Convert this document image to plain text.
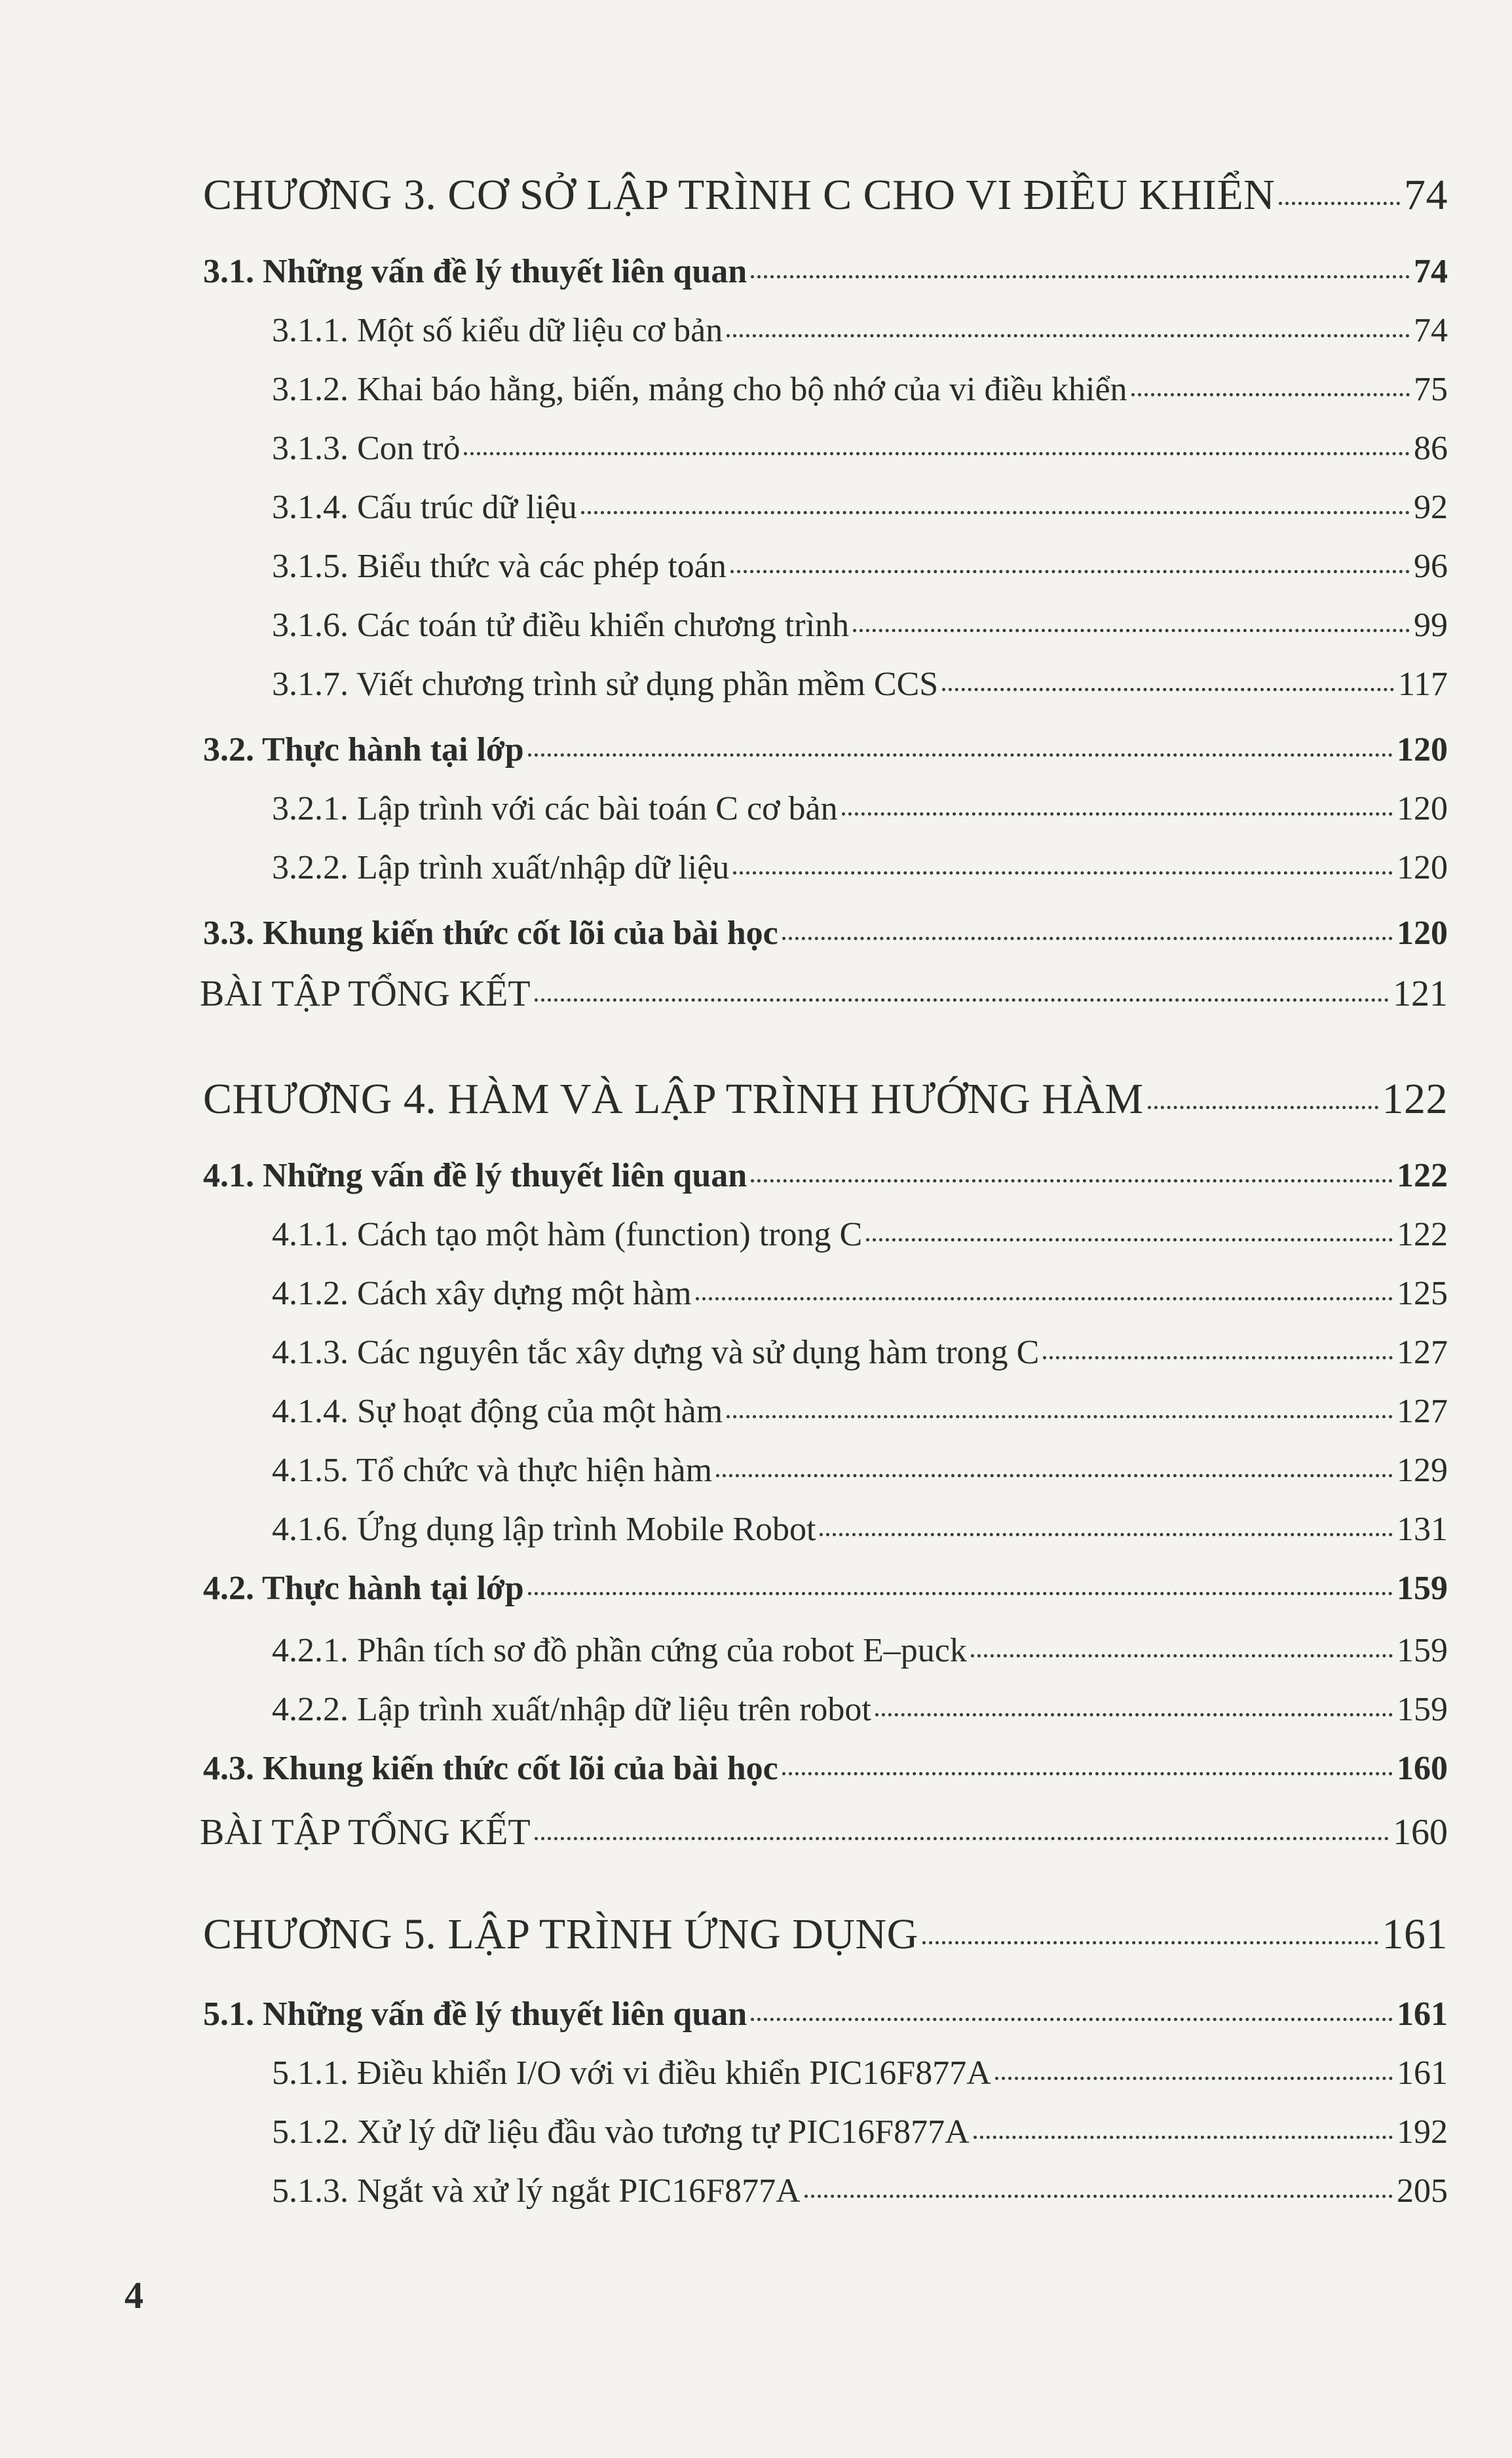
CHƯƠNG 3. CƠ SỞ LẬP TRÌNH C CHO VI ĐIỀU KHIỂN	74
3.1. Những vấn đề lý thuyết liên quan	74
3.1.1. Một số kiểu dữ liệu cơ bản	74
3.1.2. Khai báo hằng, biến, mảng cho bộ nhớ của vi điều khiển	75
3.1.3. Con trỏ	86
3.1.4. Cấu trúc dữ liệu	92
3.1.5. Biểu thức và các phép toán	96
3.1.6. Các toán tử điều khiển chương trình	99
3.1.7. Viết chương trình sử dụng phần mềm CCS	117
3.2. Thực hành tại lớp	120
3.2.1. Lập trình với các bài toán C cơ bản	120
3.2.2. Lập trình xuất/nhập dữ liệu	120
3.3. Khung kiến thức cốt lõi của bài học	120
BÀI TẬP TỔNG KẾT	121
CHƯƠNG 4. HÀM VÀ LẬP TRÌNH HƯỚNG HÀM	122
4.1. Những vấn đề lý thuyết liên quan	122
4.1.1. Cách tạo một hàm (function) trong C	122
4.1.2. Cách xây dựng một hàm	125
4.1.3. Các nguyên tắc xây dựng và sử dụng hàm trong C	127
4.1.4. Sự hoạt động của một hàm	127
4.1.5. Tổ chức và thực hiện hàm	129
4.1.6. Ứng dụng lập trình Mobile Robot	131
4.2. Thực hành tại lớp	159
4.2.1. Phân tích sơ đồ phần cứng của robot E–puck	159
4.2.2. Lập trình xuất/nhập dữ liệu trên robot	159
4.3. Khung kiến thức cốt lõi của bài học	160
BÀI TẬP TỔNG KẾT	160
CHƯƠNG 5. LẬP TRÌNH ỨNG DỤNG	161
5.1. Những vấn đề lý thuyết liên quan	161
5.1.1. Điều khiển I/O với vi điều khiển PIC16F877A	161
5.1.2. Xử lý dữ liệu đầu vào tương tự PIC16F877A	192
5.1.3. Ngắt và xử lý ngắt PIC16F877A	205
4
